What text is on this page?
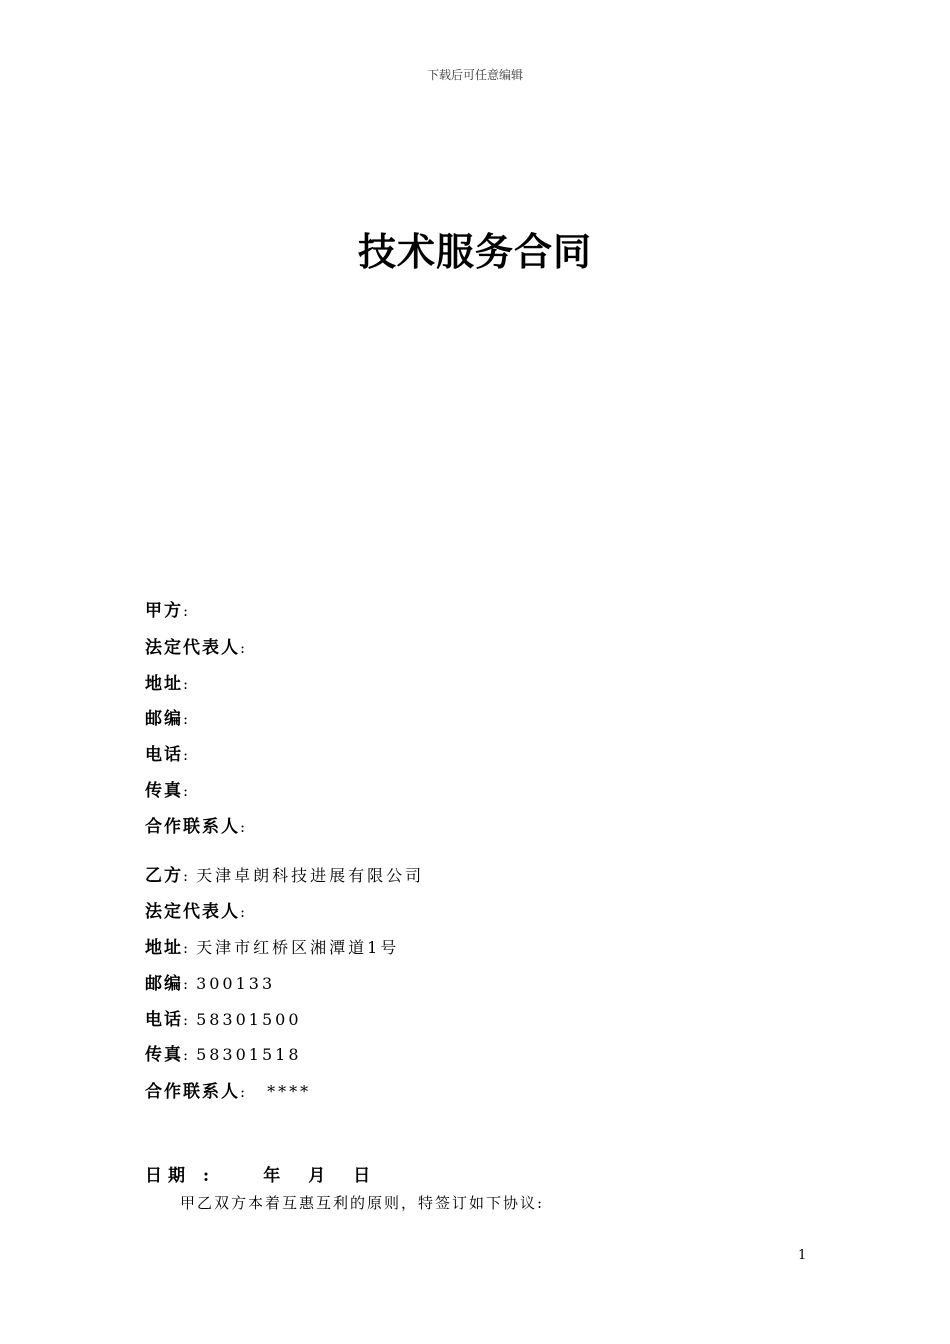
下载后可任意编辑
技术服务合同
甲方:
法定代表人:
地址:
邮编:
电话:
传真:
合作联系人:
乙方: 天津卓朗科技进展有限公司
法定代表人:
地址: 天津市红桥区湘潭道1号
邮编: 300133
电话: 58301500
传真: 58301518
合作联系人: ****
日期 :	年 月 日
甲乙双方本着互惠互利的原则，特签订如下协议:
1
